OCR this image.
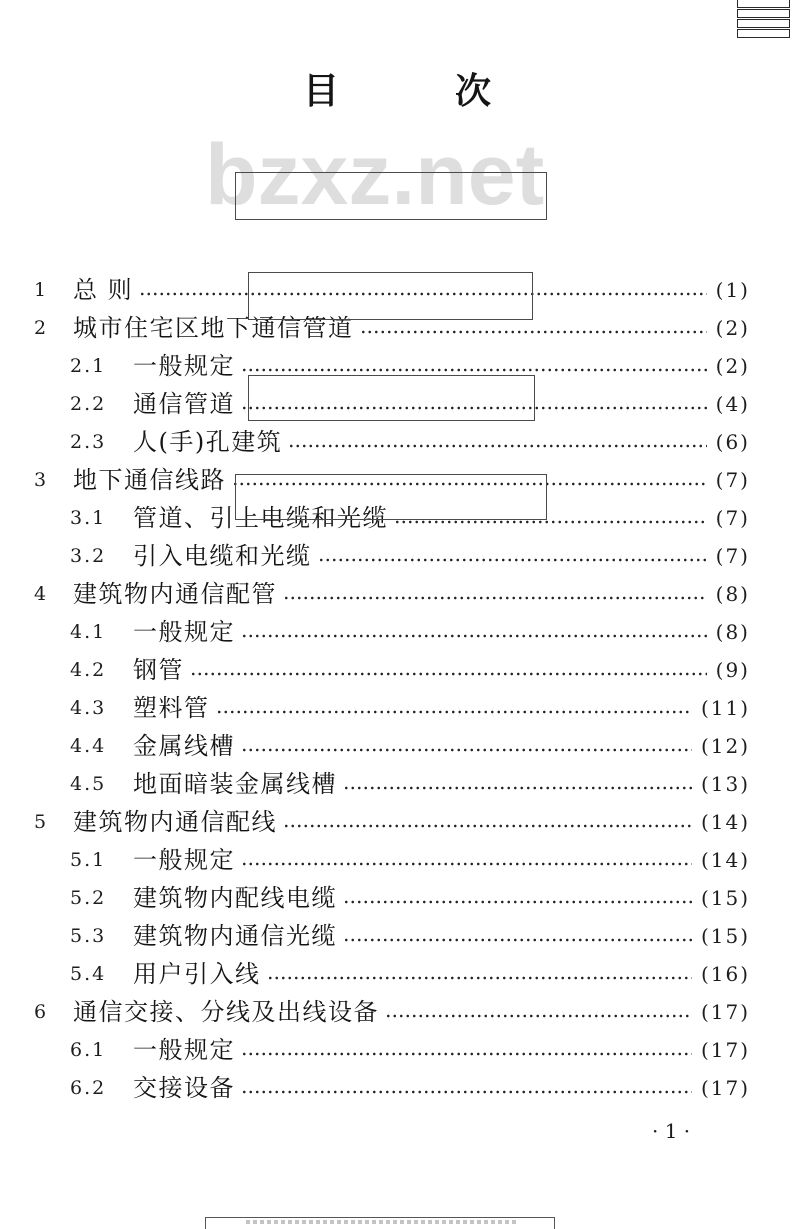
目	次
bzxz.net
1	总 则	(1)
2	城市住宅区地下通信管道	(2)
2.1	一般规定	(2)
2.2	通信管道	(4)
2.3	人(手)孔建筑	(6)
3	地下通信线路	(7)
3.1	管道、引上电缆和光缆	(7)
3.2	引入电缆和光缆	(7)
4	建筑物内通信配管	(8)
4.1	一般规定	(8)
4.2	钢管	(9)
4.3	塑料管	(11)
4.4	金属线槽	(12)
4.5	地面暗装金属线槽	(13)
5	建筑物内通信配线	(14)
5.1	一般规定	(14)
5.2	建筑物内配线电缆	(15)
5.3	建筑物内通信光缆	(15)
5.4	用户引入线	(16)
6	通信交接、分线及出线设备	(17)
6.1	一般规定	(17)
6.2	交接设备	(17)
· 1 ·
